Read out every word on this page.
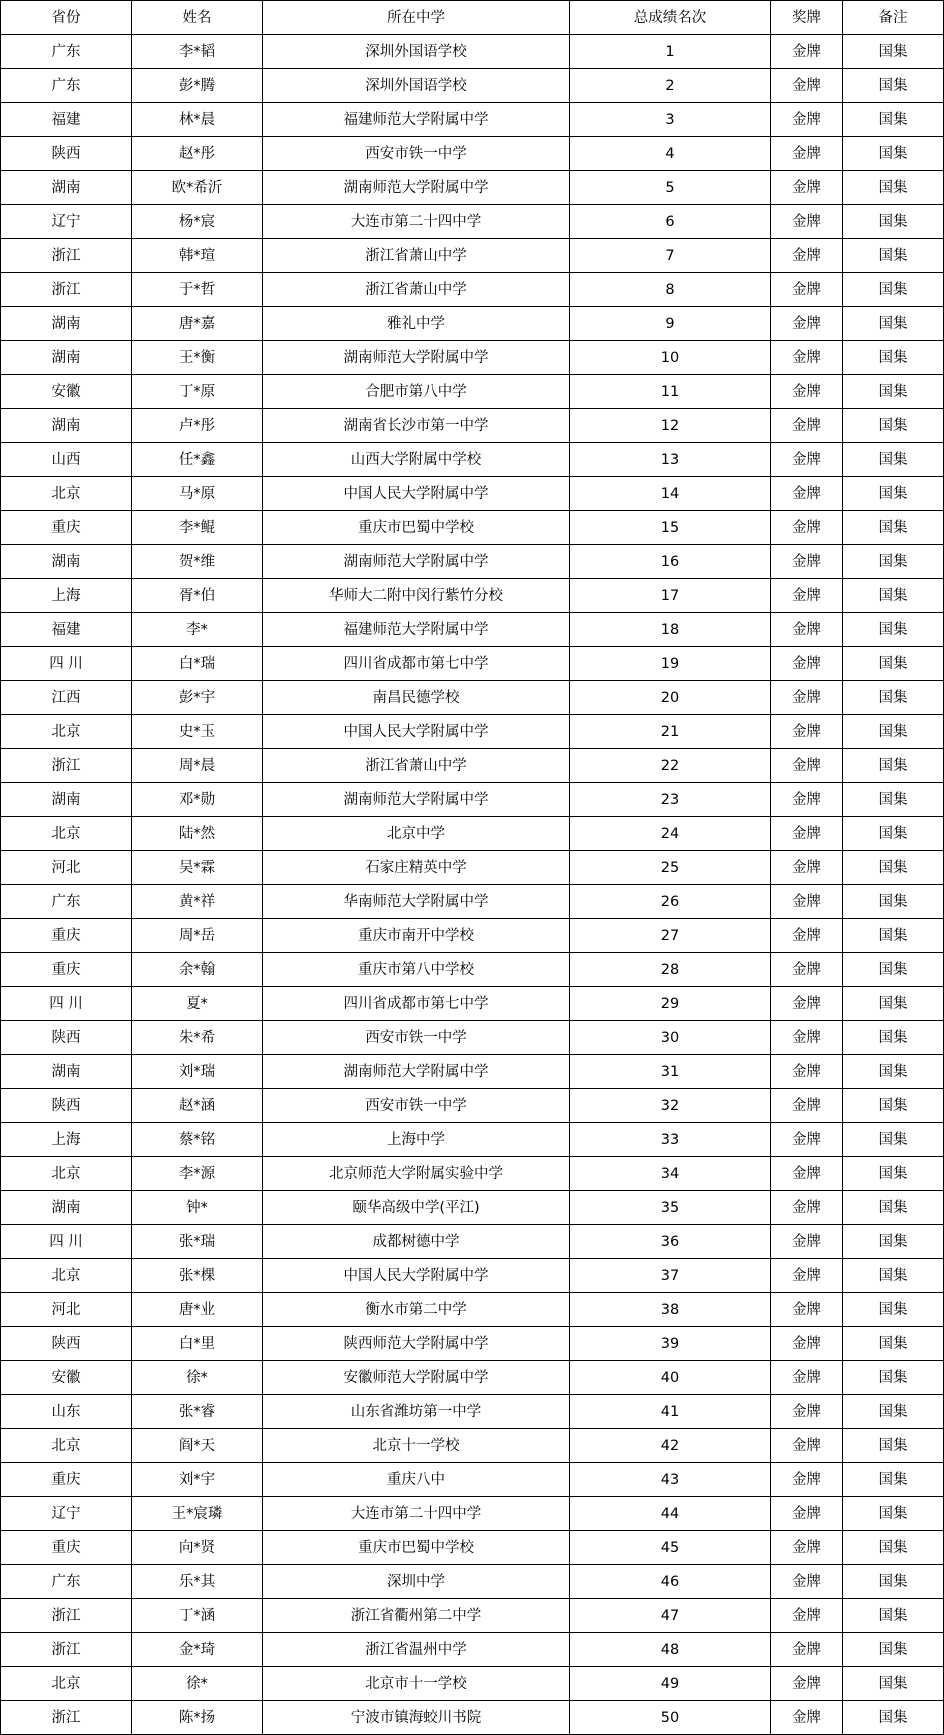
省份	姓名	所在中学	总成绩名次	奖牌	备注
广东	李*韬	深圳外国语学校	1	金牌	国集
广东	彭*腾	深圳外国语学校	2	金牌	国集
福建	林*晨	福建师范大学附属中学	3	金牌	国集
陕西	赵*彤	西安市铁一中学	4	金牌	国集
湖南	欧*希沂	湖南师范大学附属中学	5	金牌	国集
辽宁	杨*宸	大连市第二十四中学	6	金牌	国集
浙江	韩*瑄	浙江省萧山中学	7	金牌	国集
浙江	于*哲	浙江省萧山中学	8	金牌	国集
湖南	唐*嘉	雅礼中学	9	金牌	国集
湖南	王*衡	湖南师范大学附属中学	10	金牌	国集
安徽	丁*原	合肥市第八中学	11	金牌	国集
湖南	卢*彤	湖南省长沙市第一中学	12	金牌	国集
山西	任*鑫	山西大学附属中学校	13	金牌	国集
北京	马*原	中国人民大学附属中学	14	金牌	国集
重庆	李*鲲	重庆市巴蜀中学校	15	金牌	国集
湖南	贺*维	湖南师范大学附属中学	16	金牌	国集
上海	胥*伯	华师大二附中闵行紫竹分校	17	金牌	国集
福建	李*	福建师范大学附属中学	18	金牌	国集
四 川	白*瑞	四川省成都市第七中学	19	金牌	国集
江西	彭*宇	南昌民德学校	20	金牌	国集
北京	史*玉	中国人民大学附属中学	21	金牌	国集
浙江	周*晨	浙江省萧山中学	22	金牌	国集
湖南	邓*勋	湖南师范大学附属中学	23	金牌	国集
北京	陆*然	北京中学	24	金牌	国集
河北	吴*霖	石家庄精英中学	25	金牌	国集
广东	黄*祥	华南师范大学附属中学	26	金牌	国集
重庆	周*岳	重庆市南开中学校	27	金牌	国集
重庆	余*翰	重庆市第八中学校	28	金牌	国集
四 川	夏*	四川省成都市第七中学	29	金牌	国集
陕西	朱*希	西安市铁一中学	30	金牌	国集
湖南	刘*瑞	湖南师范大学附属中学	31	金牌	国集
陕西	赵*涵	西安市铁一中学	32	金牌	国集
上海	蔡*铭	上海中学	33	金牌	国集
北京	李*源	北京师范大学附属实验中学	34	金牌	国集
湖南	钟*	颐华高级中学(平江)	35	金牌	国集
四 川	张*瑞	成都树德中学	36	金牌	国集
北京	张*棵	中国人民大学附属中学	37	金牌	国集
河北	唐*业	衡水市第二中学	38	金牌	国集
陕西	白*里	陕西师范大学附属中学	39	金牌	国集
安徽	徐*	安徽师范大学附属中学	40	金牌	国集
山东	张*睿	山东省潍坊第一中学	41	金牌	国集
北京	阎*天	北京十一学校	42	金牌	国集
重庆	刘*宇	重庆八中	43	金牌	国集
辽宁	王*宸璘	大连市第二十四中学	44	金牌	国集
重庆	向*贤	重庆市巴蜀中学校	45	金牌	国集
广东	乐*其	深圳中学	46	金牌	国集
浙江	丁*涵	浙江省衢州第二中学	47	金牌	国集
浙江	金*琦	浙江省温州中学	48	金牌	国集
北京	徐*	北京市十一学校	49	金牌	国集
浙江	陈*扬	宁波市镇海蛟川书院	50	金牌	国集
